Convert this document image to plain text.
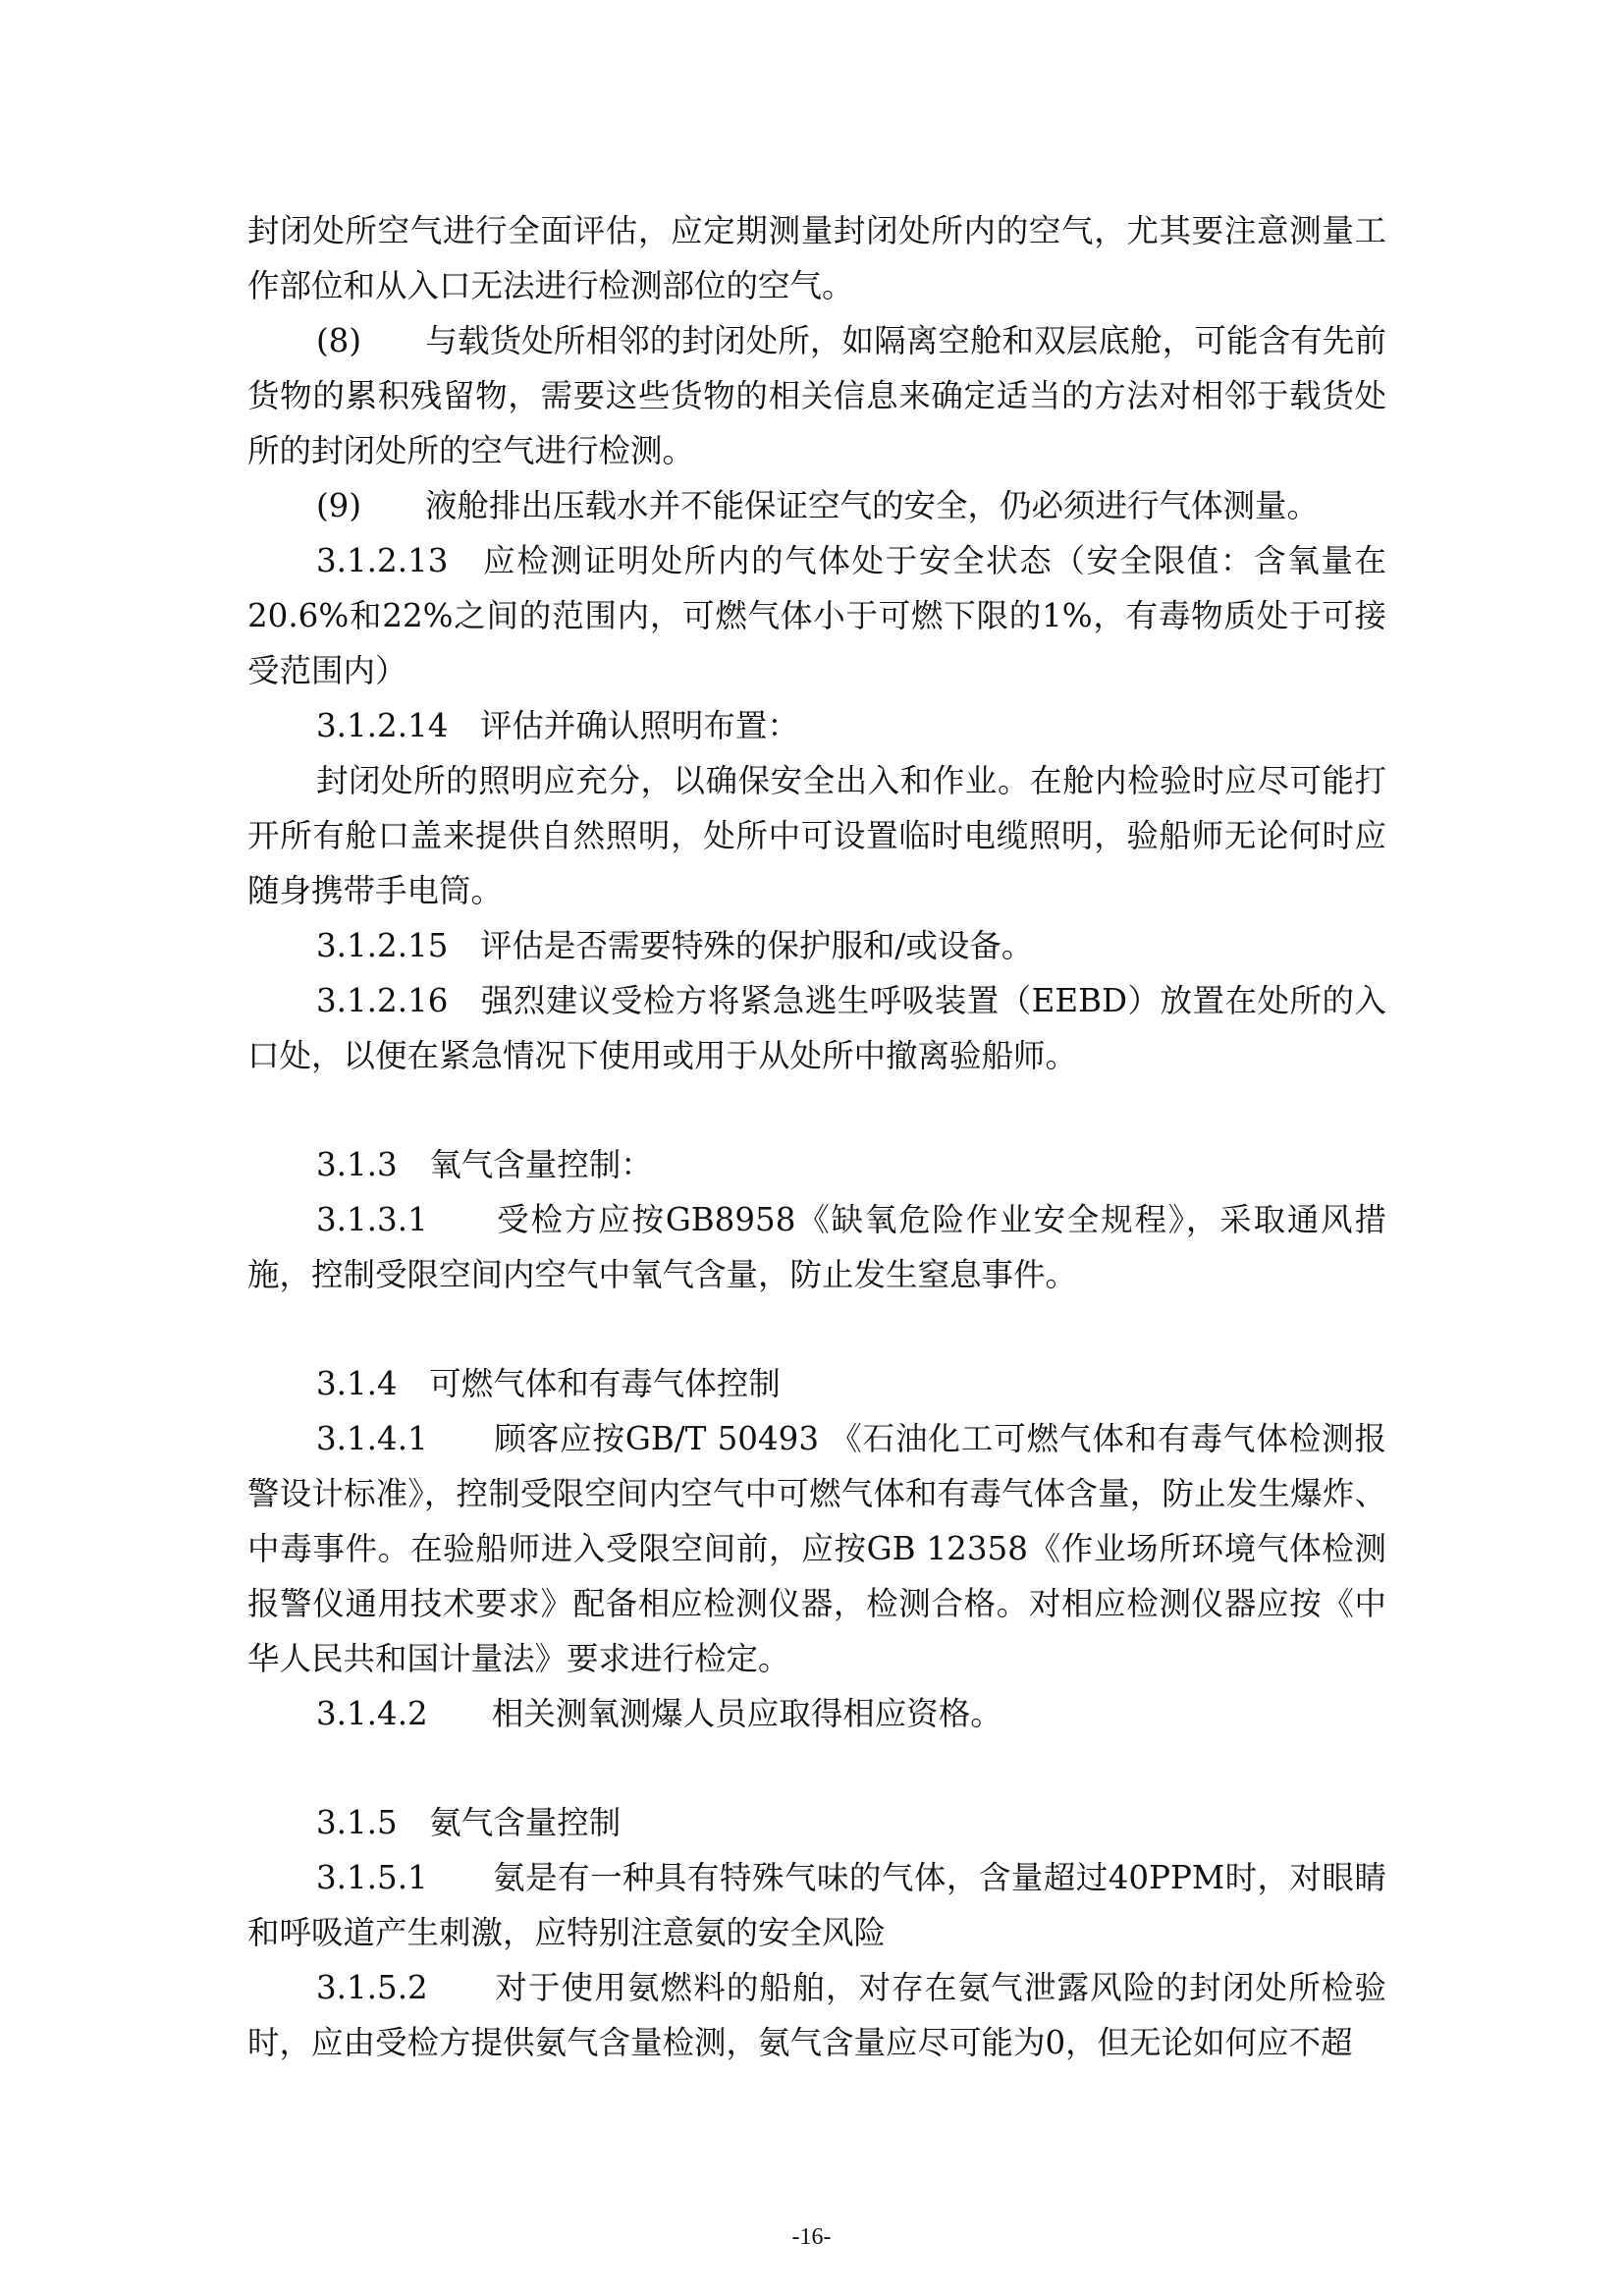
封闭处所空气进行全面评估，应定期测量封闭处所内的空气，尤其要注意测量工作部位和从入口无法进行检测部位的空气。

(8)　　与载货处所相邻的封闭处所，如隔离空舱和双层底舱，可能含有先前货物的累积残留物，需要这些货物的相关信息来确定适当的方法对相邻于载货处所的封闭处所的空气进行检测。

(9)　　液舱排出压载水并不能保证空气的安全，仍必须进行气体测量。

3.1.2.13　应检测证明处所内的气体处于安全状态（安全限值：含氧量在20.6%和22%之间的范围内，可燃气体小于可燃下限的1%，有毒物质处于可接受范围内）

3.1.2.14　评估并确认照明布置：

封闭处所的照明应充分，以确保安全出入和作业。在舱内检验时应尽可能打开所有舱口盖来提供自然照明，处所中可设置临时电缆照明，验船师无论何时应随身携带手电筒。

3.1.2.15　评估是否需要特殊的保护服和/或设备。

3.1.2.16　强烈建议受检方将紧急逃生呼吸装置（EEBD）放置在处所的入口处，以便在紧急情况下使用或用于从处所中撤离验船师。

3.1.3　氧气含量控制：

3.1.3.1　　受检方应按GB8958《缺氧危险作业安全规程》，采取通风措施，控制受限空间内空气中氧气含量，防止发生窒息事件。

3.1.4　可燃气体和有毒气体控制

3.1.4.1　　顾客应按GB/T 50493 《石油化工可燃气体和有毒气体检测报警设计标准》，控制受限空间内空气中可燃气体和有毒气体含量，防止发生爆炸、中毒事件。在验船师进入受限空间前，应按GB 12358《作业场所环境气体检测报警仪通用技术要求》配备相应检测仪器，检测合格。对相应检测仪器应按《中华人民共和国计量法》要求进行检定。

3.1.4.2　　相关测氧测爆人员应取得相应资格。

3.1.5　氨气含量控制

3.1.5.1　　氨是有一种具有特殊气味的气体，含量超过40PPM时，对眼睛和呼吸道产生刺激，应特别注意氨的安全风险

3.1.5.2　　对于使用氨燃料的船舶，对存在氨气泄露风险的封闭处所检验时，应由受检方提供氨气含量检测，氨气含量应尽可能为0，但无论如何应不超

-16-
